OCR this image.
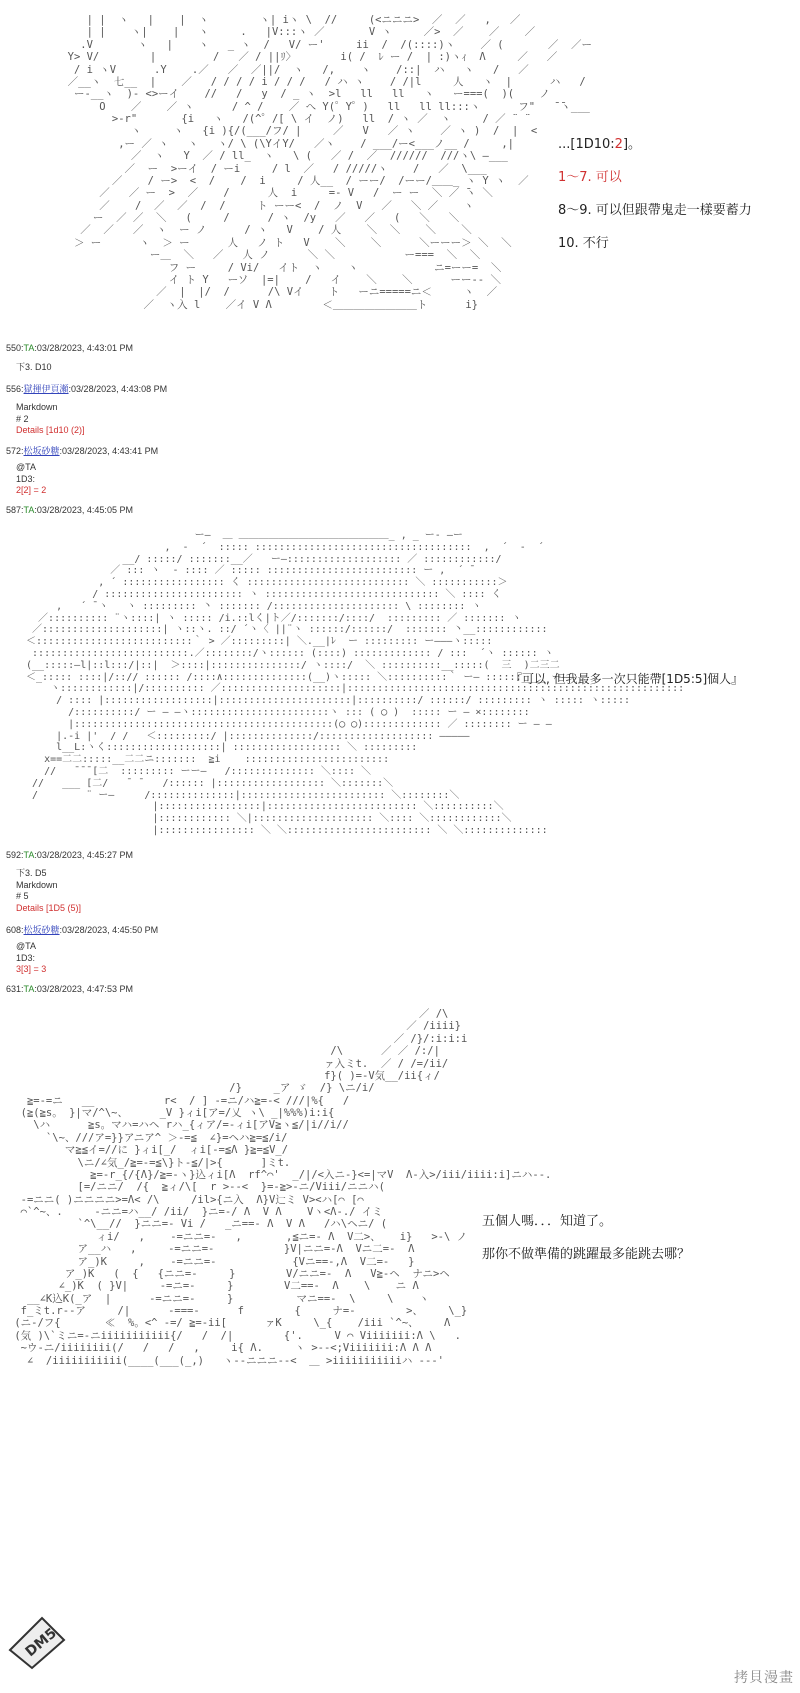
| |  ヽ   |    |  ヽ        ヽ| iヽ \  //     (<ニニニ>  ／  ／   ,   ／
| |    ヽ|    |   ヽ     .   |V:::ヽ ／       V ヽ     ／>  ／    ／    ／
.V       ヽ   |    ヽ   _ ヽ  /   V/ ー'     ii  /  /(::::)ヽ    ／ (       ／  ／ー
Y> V/        |         /   ／ / ||ﾘ〉       i( /  ﾚ ー /  | :)ヽｨ  Λ     ／   ／
/ i ヽV      .Y    .／   ／  ／||/  ヽ   /,    ヽ    /::|  ハ   ヽ   /   ／
／__ヽ  七__  |    ／   / / / / i / / /   / ハ ヽ    / /|l     人   ヽ  |      ハ   /
ー-__ヽ  )- <>ーイ    //   /   y  / _ ヽ  >l   ll   ll   ヽ   ー===(  )(    ノ
O    ／    ／ ヽ      / ^ /    ／ へ Y(゜Y゜)   ll   ll ll:::ヽ      フ"   ̄ ̄ヽ___
>-r"       {i   ヽ   /(^゜/[ \ イ  ノ)   ll  / ヽ ／  ヽ     / ／ ¨ ¨
ヽ     ヽ   {i ){/(___/フ/ |     ／   V   ／ ヽ    ／ ヽ )  /  |  <
,ー ／ ヽ   ヽ   ヽ/ \ (\YイY/   ／ヽ    / ___/ー<___ノ__ /     ,|
／  ヽ   Y  ／ / ll_  ヽ   \ (   ／ /  ／  //////  ///ヽ\ ―___
／  ー  >ーイ  / ーi     / l  ／   / /////ヽ    /   ／  \___
／    / ー>  <  /    /  i     / 人__  / ーー/  /ーー/＿＿_ ヽ Y ヽ  ／
／   ／ ー  >  ／    /      人  i     =- V   /  ー ー  ＼ ／ ̄ヽ ＼
／    /  ／  ／  /  /     ト ーー<  /  ノ  V   ／   ＼ ／    ヽ
ー  ／ ／  ＼   (     /      / ヽ  /y   ／   ／   (   ＼   ＼
／  ／   ／  ヽ  ー ノ      / ヽ   V    / 人    ＼  ＼    ＼    ＼
＞ ー      ヽ  ＞ ー      人   ノ ト   V    ＼    ＼      ＼ーーー＞ ＼  ＼
ー＿  ＼   ／   人 ノ      ＼ ＼           ー===  ＼  ＼
フ ー     / Vi/   イト  ヽ    ヽ            ニ=ーー=  ＼
イ ト Y   ーソ  |=|    /   イ    ＼    ＼      ーー-- ＼
／  |  |/  /      /\ Vイ    ト   ーニ=====ニ＜     ヽ  ／
／  ヽ入 l    ／イ V Λ        ＜＿＿＿＿＿＿＿＿ト      i}
...[1D10:2]。
1～7. 可以
8～9. 可以但跟帶鬼走一樣要蓄力
10. 不行
550:TA:03/28/2023, 4:43:01 PM
下3. D10
556:獄揮伊頁瀬:03/28/2023, 4:43:08 PM
Markdown
# 2
Details [1d10 (2)]
572:松坂砂糖:03/28/2023, 4:43:41 PM
@TA
1D3:
2[2] = 2
587:TA:03/28/2023, 4:45:05 PM
ー―  ＿ ＿＿＿＿＿＿＿＿＿＿＿＿＿＿＿_ , _ ー- ―ー
,  ‐  ´  ::::: ::::::::::::::::::::::::::::::::::::  ,  ´  ‐  ´
__/ :::::/ :::::::__／   ー―::::::::::::::::::: ／ ::::::::::::/
／ ::: ヽ  ‐ :::: ／ ::::: ::::::::::::::::::::::::: ー ,  ´ ̄
, ´ ::::::::::::::::: く ::::::::::::::::::::::::::: ＼ :::::::::::＞
/ ::::::::::::::::::::::: ヽ ::::::::::::::::::::::::::::: ＼ :::: く
,   ´ ̄ ヽ   ヽ ::::::::: 丶 ::::::: /::::::::::::::::::::: \ :::::::: ヽ
／:::::::::: ¨ヽ::::| ヽ ::::: /i.::lく|ト／/:::::::/::::/  ::::::::: ／ ::::::: ヽ
／::::::::::::::::::::| ヽ::ヽ. ::/ ´ヽ〈 ||¨ヽ ::::::/::::::/  ::::::: 丶__::::::::::::
＜::::::::::::::::::::::::::｀ > ／:::::::::| ＼.__|ﾚ  ー ::::::::: ー―――ヽ:::::
::::::::::::::::::::::::::.／::::::::/ヽ:::::: (::::) ::::::::::::: / :::  ´ヽ :::::: ヽ
(__:::::―l|::l:::/|::|  ＞::::|:::::::::::::::/ ヽ::::/  ＼ ::::::::::__:::::(  三  )二三二
＜_::::: ::::|/::// :::::: /::::∧::::::::::::::(__)ヽ::::: ＼::::::::::｀ ー― ::::::____ ー――
ヽ::::::::::::|/:::::::::: ／::::::::::::::::::::|::::::::::::::::::::::::::::::::::::::::::::::::::::::::
/ :::: |::::::::::::::::::|::::::::::::::::::::::|::::::::::/ ::::::/ ::::::::: ヽ ::::: ヽ:::::
/::::::::::/ ー ― ―ヽ:::::::::::::::::::::::ヽ ::: ( ◯ )  ::::: ー ― ×::::::::
|:::::::::::::::::::::::::::::::::::::::::::(◯ ◯)::::::::::::: ／ :::::::: ー ― ―
|.-i |'  / /   ＜:::::::::/ |::::::::::::::/::::::::::::::::::: ―――――
l__L:ヽく:::::::::::::::::::| :::::::::::::::::: ＼ :::::::::
x==二二:::::__二二ニ:::::::  ≧i    ::::::::::::::::::::::::
//   ̄ ̄ ̄ [二  ::::::::: ーー―   /:::::::::::::: ＼:::: ＼
//   ___ [二/   ̄  ̄    /:::::: |:::::::::::::::::: ＼:::::::＼
/        ¨ ー―     /::::::::::::::|:::::::::::::::::::::::: ＼::::::::＼
|:::::::::::::::::|::::::::::::::::::::::::: ＼::::::::::＼
|:::::::::::: ＼|:::::::::::::::::::: ＼:::: ＼::::::::::::＼
|:::::::::::::::: ＼ ＼:::::::::::::::::::::::: ＼ ＼::::::::::::::
『可以, 但我最多一次只能帶[1D5:5]個人』
592:TA:03/28/2023, 4:45:27 PM
下3. D5
Markdown
# 5
Details [1D5 (5)]
608:松坂砂糖:03/28/2023, 4:45:50 PM
@TA
1D3:
3[3] = 3
631:TA:03/28/2023, 4:47:53 PM
／ /\
／ /iiii}
／ /}/:i:i:i
/\      ／ ／ /:/|
ァ入ミt.  ／ / /=/ii/
f}( )=-V気__/ii{ィ/
/}     _ア ゞ  /} \ニ/i/
≧=-=ニ   __           r<  / ] -=ニ/ハ≧=-< ///|%{   /
(≧(≧s。 }|マ/^\~、     _V }ィi[ア=/乂 ヽ\ _|%%%)i:i{
\ハ      ≧s。マハ=ハヘ rハ_{ィア/=-ィi[アV≧ヽ≦/|i//i//
`\~、///ア=}}アニア^ ＞-=≦  ∠}=ヘハ≧=≦/i/
マ≧≦イ=//に }ィi[_/  ィi[-=≦Λ }≧=≦V_/
\ニ/∠気_/≧=-=≦\}ト-≦/|>{      ]ミt.
≧=-r_{/{Λ}/≧=-ヽ}込ィi[Λ  rf^⌒'  _/|/<入ニ-}<=|マV  Λ-入>/iii/iiii:i]ニハ--.
[=/ニニ/  /{  ≧ィ/\[  r >--<  }=-≧>-ニ/Viii/ニニハ(
-=ニニ( )ニニニニ>=Λ< /\     /il>{ニ入  Λ}V辷ミ V><ハ[⌒ [⌒
⌒`^~、.     -ニニ=ハ__/ /ii/  }ニ=-/ Λ  V Λ    Vヽ<Λ-./ イミ
`^\__//  }ニニ=- Vi /   _ニ==- Λ  V Λ   /ハ\ヘニ/ (
ィi/   ,    -=ニニ=-   ,       ,≦ニ=- Λ  V二>、   i}   >-\ ノ
ア__ハ   ,     -=ニニ=-           }V|ニニ=-Λ  Vニ二=-  Λ
ア_)K     ,    -=ニニ=-            {Vニ==-,Λ  V二=-   }
ア_)K   (  {   {ニニ=-     }        V/ニニ=-  Λ   V≧-ヘ  ナニ>ヘ
∠_)K  ( }V|     -=ニ=-     }        V二==-  Λ    \    ニ Λ
__∠K込K(_ア  |      -=ニニ=-     }          マニ==-  \     \    ヽ
f_ミt.r--ア     /|      -===-      f        {     ナ=-        >、    \_}
(ニ-/フ{       ≪  %。<^ -=/ ≧=-ii[      ァK     \_{    /iii `^~、    Λ
(気 )\`ミニ=-ニiiiiiiiiiii{/   /  /|        {'.     V ⌒ Viiiiiii:Λ \   .
~ウ-ニ/iiiiiiii(/   /   /   ,     i{ Λ.     ヽ >--<;Viiiiiii:Λ Λ Λ
∠  /iiiiiiiiiii(____(___(_,)   ヽ--ニニニ--<  ＿ >iiiiiiiiiiiハ ---'
五個人嗎．．．知道了。
那你不做準備的跳躍最多能跳去哪？
DM5
拷貝漫畫
